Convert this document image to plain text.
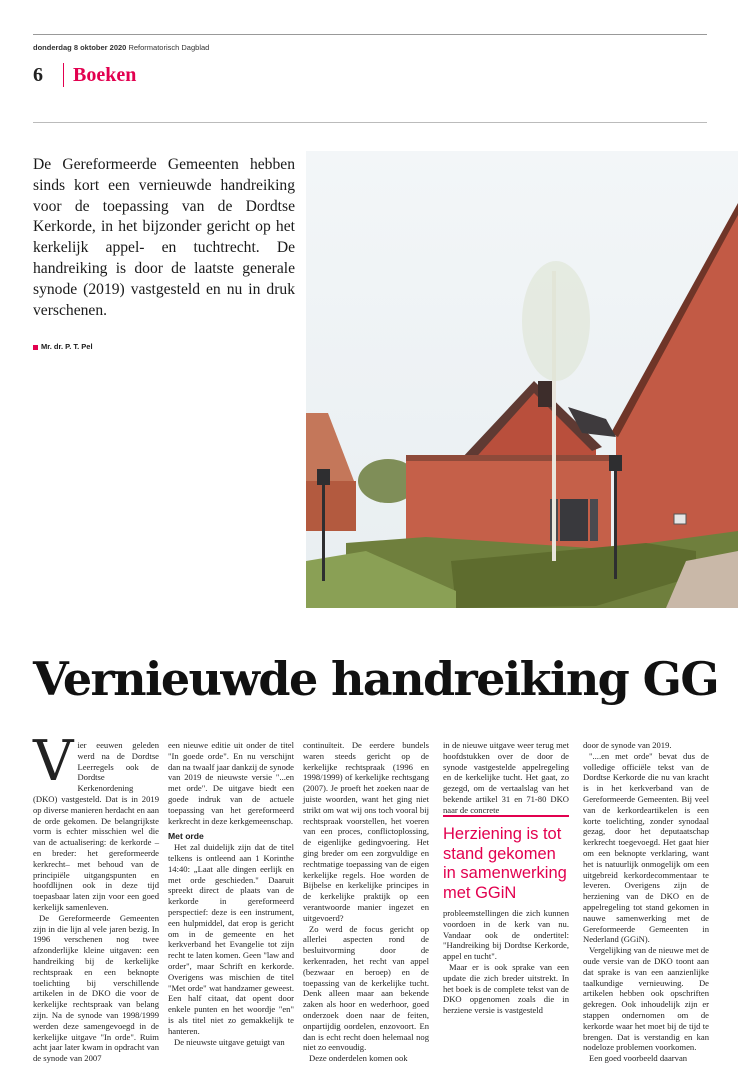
donderdag 8 oktober 2020 Reformatorisch Dagblad
6	Boeken
De Gereformeerde Gemeenten hebben sinds kort een vernieuwde handreiking voor de toepassing van de Dordtse Kerkorde, in het bijzonder gericht op het kerkelijk appel- en tuchtrecht. De handreiking is door de laatste generale synode (2019) vastgesteld en nu in druk verschenen.
Mr. dr. P. T. Pel
Vernieuwde handreiking GG
V ier eeuwen geleden werd na de Dordtse Leerregels ook de Dordtse Kerkenordening (DKO) vastgesteld. Dat is in 2019 op diverse manieren herdacht en aan de orde gekomen. De belangrijkste vorm is echter misschien wel die van de actualisering: de kerkorde –en breder: het gereformeerde kerkrecht– met behoud van de principiële uitgangspunten en hoofdlijnen ook in deze tijd toepasbaar laten zijn voor een goed kerkelijk samenleven.

De Gereformeerde Gemeenten zijn in die lijn al vele jaren bezig. In 1996 verschenen nog twee afzonderlijke kleine uitgaven: een handreiking bij de kerkelijke rechtspraak en een beknopte toelichting bij verschillende artikelen in de DKO die voor de kerkelijke rechtspraak van belang zijn. Na de synode van 1998/1999 werden deze samengevoegd in de kerkelijke uitgave "In orde". Ruim acht jaar later kwam in opdracht van de synode van 2007

een nieuwe editie uit onder de titel "In goede orde". En nu verschijnt dan na twaalf jaar dankzij de synode van 2019 de nieuwste versie "...en met orde". De uitgave biedt een goede indruk van de actuele toepassing van het gereformeerd kerkrecht in deze kerkgemeenschap.

Met orde

Het zal duidelijk zijn dat de titel telkens is ontleend aan 1 Korinthe 14:40: „Laat alle dingen eerlijk en met orde geschieden." Daaruit spreekt direct de plaats van de kerkorde in gereformeerd perspectief: deze is een instrument, een hulpmiddel, dat erop is gericht om in de gemeente en het kerkverband het Evangelie tot zijn recht te laten komen. Geen "law and order", maar Schrift en kerkorde. Overigens was mischien de titel "Met orde" wat handzamer geweest. Een half citaat, dat opent door enkele punten en het woordje "en" is als titel niet zo gemakkelijk te hanteren.

De nieuwste uitgave getuigt van

continuïteit. De eerdere bundels waren steeds gericht op de kerkelijke rechtspraak (1996 en 1998/1999) of kerkelijke rechtsgang (2007). Je proeft het zoeken naar de juiste woorden, want het ging niet strikt om wat wij ons toch vooral bij rechtspraak voorstellen, het voeren van een proces, conflictoplossing, de eigenlijke gedingvoering. Het ging breder om een zorgvuldige en rechtmatige toepassing van de eigen kerkelijke regels. Hoe worden de Bijbelse en kerkelijke principes in de kerkelijke praktijk op een verantwoorde manier ingezet en uitgevoerd?

Zo werd de focus gericht op allerlei aspecten rond de besluitvorming door de kerkenraden, het recht van appel (bezwaar en beroep) en de toepassing van de kerkelijke tucht. Denk alleen maar aan bekende zaken als hoor en wederhoor, goed onderzoek doen naar de feiten, onpartijdig oordelen, enzovoort. En dan is echt recht doen helemaal nog niet zo eenvoudig.

Deze onderdelen komen ook

in de nieuwe uitgave weer terug met hoofdstukken over de door de synode vastgestelde appelregeling en de kerkelijke tucht. Het gaat, zo gezegd, om de vertaalslag van het bekende artikel 31 en 71-80 DKO naar de concrete

Herziening is tot stand gekomen in samenwerking met GGiN

probleemstellingen die zich kunnen voordoen in de kerk van nu. Vandaar ook de ondertitel: "Handreiking bij Dordtse Kerkorde, appel en tucht".

Maar er is ook sprake van een update die zich breder uitstrekt. In het boek is de complete tekst van de DKO opgenomen zoals die in herziene versie is vastgesteld

door de synode van 2019.

"....en met orde" bevat dus de volledige officiële tekst van de Dordtse Kerkorde die nu van kracht is in het kerkverband van de Gereformeerde Gemeenten. Bij veel van de kerkordeartikelen is een korte toelichting, zonder synodaal gezag, door het deputaatschap kerkrecht toegevoegd. Het gaat hier om een beknopte verklaring, want het is natuurlijk onmogelijk om een uitgebreid kerkordecommentaar te leveren. Overigens zijn de herziening van de DKO en de appelregeling tot stand gekomen in nauwe samenwerking met de Gereformeerde Gemeenten in Nederland (GGiN).

Vergelijking van de nieuwe met de oude versie van de DKO toont aan dat sprake is van een aanzienlijke taalkundige vernieuwing. De artikelen hebben ook opschriften gekregen. Ook inhoudelijk zijn er stappen ondernomen om de kerkorde waar het moet bij de tijd te brengen. Dat is verstandig en kan nodeloze problemen voorkomen.

Een goed voorbeeld daarvan
